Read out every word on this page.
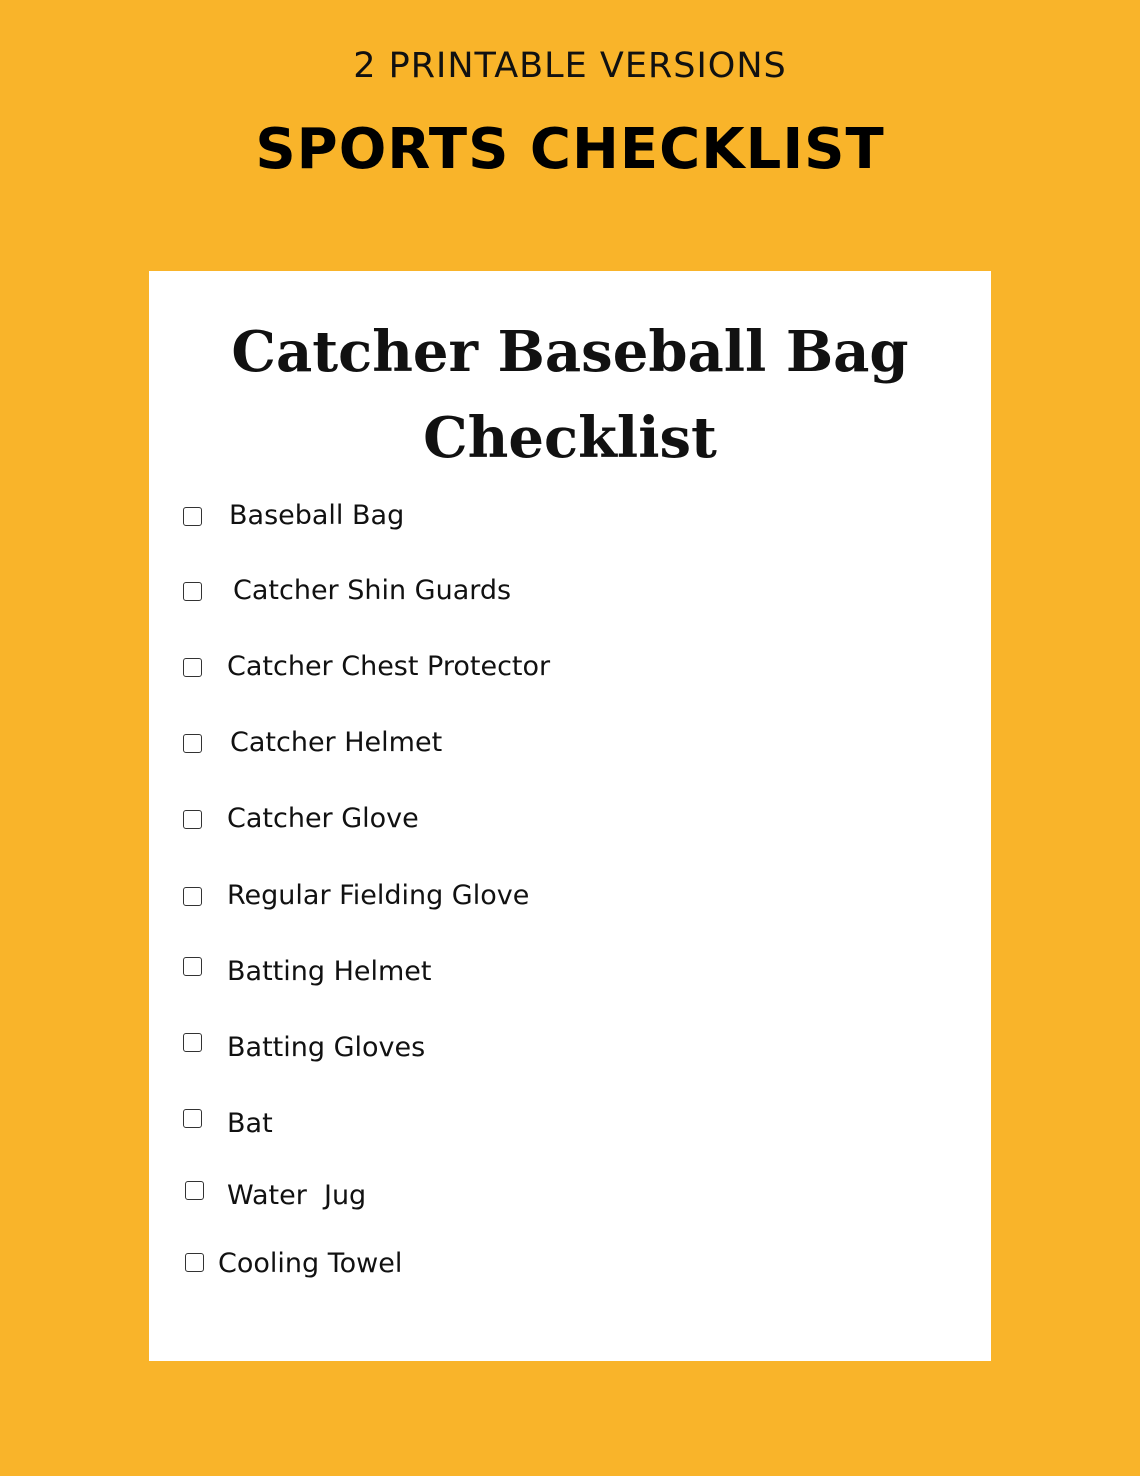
2 PRINTABLE VERSIONS
SPORTS CHECKLIST
Catcher Baseball Bag
Checklist
Baseball Bag
Catcher Shin Guards
Catcher Chest Protector
Catcher Helmet
Catcher Glove
Regular Fielding Glove
Batting Helmet
Batting Gloves
Bat
Water  Jug
Cooling Towel
